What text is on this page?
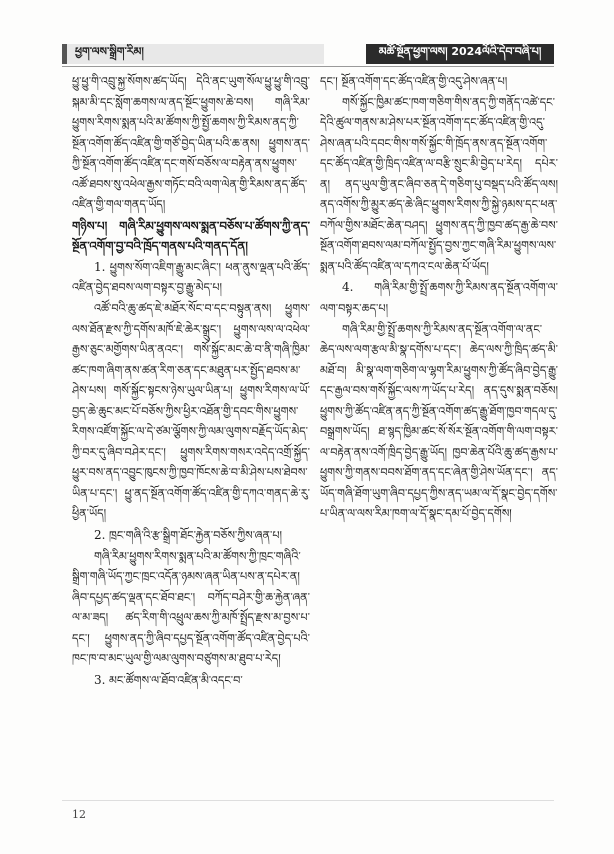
ཕྱག་ལས་སྒྲིག་རིམ།	མཚོ་སྔོན་ཕྱག་ལས། 2024ལོའི་དེབ་བཞི་པ།

ཕྱུ་ཕྱུ་གི་འབྲུ་སྐྱ་སོགས་ཚད་ཡོད། དེའི་ནང་ཡུག་སོལ་ཕྱུ་ཕྱུ་གི་འབྲུ་སྐམ་མི་དང་སློག་ཆགས་ལ་ནད་སྔོང་ཕྱུགས་ཆེ་བས། གཞི་རིམ་ཕྱུགས་རིགས་སྨན་པའི་མ་ཚོགས་ཀྱི་སྤྱོ་ཆགས་ཀྱི་རིམས་ནད་ཀྱི་སྔོན་འགོག་ཚོད་འཛིན་གྱི་གཙོ་བྱེད་ཡིན་པའི་ཆ་ནས། ཕྱུགས་ནད་ཀྱི་སྔོན་འགོག་ཚོད་འཛིན་དང་གསོ་བཅོས་ལ་བརྟེན་ནས་ཕྱུགས་འཚོ་ཐབས་སུ་འཕེལ་རྒྱས་གཏོང་བའི་ལག་ལེན་གྱི་རིམས་ནད་ཚོད་འཛིན་གྱི་གལ་གནད་ཡོད།

གཉིས་པ། གཞི་རིམ་ཕྱུགས་ལས་སྨན་བཅོས་པ་ཚོགས་ཀྱི་ནད་སྔོན་འགོག་བྱ་བའི་ཁྲོད་གནས་པའི་གནད་དོན།

1. ཕྱུགས་སོག་འཇིག་རྒྱུ་མང་ཞིང་། ཕན་ནུས་ལྡན་པའི་ཚོད་འཛིན་བྱེད་ཐབས་ལག་བསྟར་བྱ་རྒྱུ་མེད་པ།

འཚོ་བའི་ཆུ་ཚད་ཇེ་མཐོར་སོང་བ་དང་བསྟུན་ནས། ཕྱུགས་ལས་ཐོན་རྫས་ཀྱི་དགོས་མཁོ་ཇེ་ཆེར་སྒྲུང་། ཕྱུགས་ལས་ལ་འཕེལ་རྒྱས་ཅུང་མགྱོགས་ཡིན་ནའང་། གསོ་སྐྱོང་མང་ཆེ་བ་ནི་གཞི་ཁྱིམ་ཚང་ཁག་ཞིག་ནས་ཚན་རིག་ཅན་དང་མཐུན་པར་སྤྱོད་ཐབས་མ་ཤེས་པས། གསོ་སྐྱོང་སྟངས་ཉེས་ཡུལ་ཡིན་པ། ཕྱུགས་རིགས་ལ་ཡོ་བྱད་ཆེ་ཆུང་མང་པོ་བཅོས་ཀྱིས་ཕྱིར་འཐོན་གྱི་དབང་གིས་ཕྱུགས་རིགས་འཛོག་སྐྱོང་ལ་དེ་ཙམ་ལྕོགས་ཀྱི་ལམ་ལུགས་བརྗོད་ཡོད་མེད་ཀྱི་བར་དུ་ཞིབ་བཤེར་དང་། ཕྱུགས་རིགས་གསར་འདེད་འགྲོ་སྐྱོད་ཕྱུར་བས་ནད་འབྱུང་ཁུངས་ཀྱི་ཁྱབ་ཁོངས་ཆེ་བ་མི་ཤེས་པས་ཐེབས་ཡིན་པ་དང་། ཕྱུ་ནད་སྔོན་འགོག་ཚོད་འཛིན་གྱི་དཀའ་གནད་ཆེ་རུ་ཕྱིན་ཡོད།

2. ཁྲང་གཞི་འི་རྩ་སྒྲིག་ཐོང་རྐྱེན་བཅོས་ཀྱིས་ཞན་པ།

གཞི་རིམ་ཕྱུགས་རིགས་སྨན་པའི་མ་ཚོགས་ཀྱི་ཁྲང་གཞིའི་སྒྲིག་གཞི་ཡོད་ཀྱང་ཁྲང་འདོན་ཉམས་ཞན་ཡིན་པས་ན་དཔེར་ན། ཞིབ་དཔྱད་ཚད་ལྡན་དང་ཐོབ་ཐང་། བཀོད་བཤེར་གྱི་ཆ་རྐྱེན་ཞན་ལ་མ་ཟད། ཚད་རིག་གི་འཕྲུལ་ཆས་ཀྱི་མཁོ་སྤྲོད་རྫས་མ་བྱས་པ་དང་། ཕྱུགས་ནད་ཀྱི་ཞིབ་དཔྱད་སྔོན་འགོག་ཚོད་འཛིན་བྱེད་པའི་ཁང་ཁ་བ་མང་ཡུལ་གྱི་ལམ་ལུགས་བཙུགས་མ་ཐུབ་པ་རེད།

3. མང་ཚོགས་ལ་ཐོབ་འཛིན་མི་འདང་བ་

དང་། སྔོན་འགོག་དང་ཚོད་འཛིན་གྱི་འདུ་ཤེས་ཞན་པ།

གསོ་སྐྱོང་ཁྱིམ་ཚང་ཁག་གཅིག་གིས་ནད་ཀྱི་གནོད་འཚེ་དང་དེའི་ཚུལ་གནས་མ་ཤེས་པར་སྔོན་འགོག་དང་ཚོད་འཛིན་གྱི་འདུ་ཤེས་ཞན་པའི་དབང་གིས་གསོ་སྐྱོང་གི་ཁྲོད་ནས་ནད་སྔོན་འགོག་དང་ཚོད་འཛིན་གྱི་ཁྲིད་འཛིན་ལ་བརྩི་སྲུང་མི་བྱེད་པ་རེད། དཔེར་ན། ནད་ཡུལ་གྱི་ནང་ཞིབ་ཅན་དེ་གཅིག་པུ་བསྡད་པའི་ཚོད་ལས། ནད་འགོས་ཀྱི་མྱུར་ཚད་ཆེ་ཞིང་ཕྱུགས་རིགས་ཀྱི་སྐྱེ་ཉམས་དང་ཕན་བཀོལ་གྱིས་མཐོང་ཆེན་བཤད། ཕྱུགས་ནད་ཀྱི་ཁྱབ་ཚད་རྒྱ་ཆེ་བས་སྔོན་འགོག་ཐབས་ལམ་བཀོལ་སྤྱོད་བྱས་ཀྱང་གཞི་རིམ་ཕྱུགས་ལས་སྨན་པའི་ཚོད་འཛིན་ལ་དཀའ་ངལ་ཆེན་པོ་ཡོད།

4. གཞི་རིམ་གྱི་སྤྲོ་ཆགས་ཀྱི་རིམས་ནད་སྔོན་འགོག་ལ་ལག་བསྟར་ཆད་པ།

གཞི་རིམ་གྱི་སྤྲོ་ཆགས་ཀྱི་རིམས་ནད་སྔོན་འགོག་ལ་ནང་ཆེད་ལས་ལག་རྩལ་མི་སྣ་དགོས་པ་དང་། ཆེད་ལས་ཀྱི་ཁྲིད་ཚད་མི་མཐོ་བ། མི་སྣ་ལག་གཅིག་ལ་ལྷག་རིམ་ཕྱུགས་ཀྱི་ཚོད་ཞིབ་བྱེད་རྒྱུ་དང་རྒྱལ་བས་གསོ་སྐྱོང་ལས་ཀ་ཡོད་པ་རེད། ནད་དུས་སྨན་བཅོས། ཕྱུགས་ཀྱི་ཚོད་འཛིན་ནད་ཀྱི་སྔོན་འགོག་ཚད་རྒྱུ་ཐོག་ཁྱབ་གདལ་དུ་བསྒྲགས་ཡོད། ཐ་སྙད་ཁྱིམ་ཚང་སོ་སོར་སྔོན་འགོག་གི་ལག་བསྟར་ལ་བརྟེན་ནས་འགོ་ཁྲིད་བྱེད་རྒྱུ་ཡོད། ཁྱབ་ཆེན་པོའི་ཆུ་ཚད་རྒྱས་པ་ཕྱུགས་ཀྱི་གནས་བབས་ཐོག་ནད་དང་ཞེན་གྱི་ཤེས་ཡོན་དང་། ནད་ཡོད་གཞི་ཐོག་ཡུག་ཞིབ་དཔྱད་ཀྱིས་ནད་ཡམ་ལ་དོ་སྣང་བྱེད་དགོས་པ་ཡིན་ལ་ལས་རིམ་ཁག་ལ་དོ་སྣང་དམ་པོ་བྱེད་དགོས།

12
